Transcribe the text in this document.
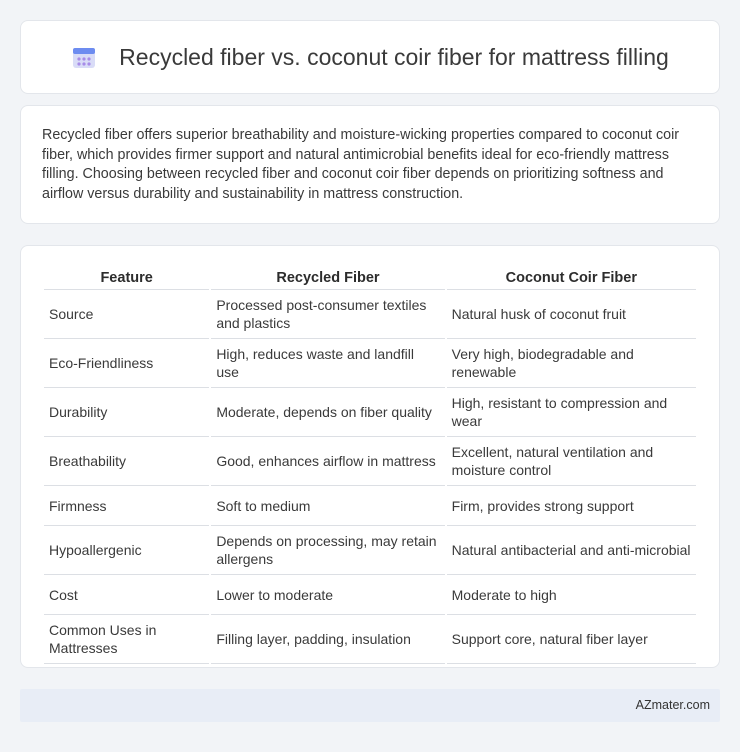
Recycled fiber vs. coconut coir fiber for mattress filling

Recycled fiber offers superior breathability and moisture-wicking properties compared to coconut coir fiber, which provides firmer support and natural antimicrobial benefits ideal for eco-friendly mattress filling. Choosing between recycled fiber and coconut coir fiber depends on prioritizing softness and airflow versus durability and sustainability in mattress construction.

Feature	Recycled Fiber	Coconut Coir Fiber
Source	Processed post-consumer textiles and plastics	Natural husk of coconut fruit
Eco-Friendliness	High, reduces waste and landfill use	Very high, biodegradable and renewable
Durability	Moderate, depends on fiber quality	High, resistant to compression and wear
Breathability	Good, enhances airflow in mattress	Excellent, natural ventilation and moisture control
Firmness	Soft to medium	Firm, provides strong support
Hypoallergenic	Depends on processing, may retain allergens	Natural antibacterial and anti-microbial
Cost	Lower to moderate	Moderate to high
Common Uses in Mattresses	Filling layer, padding, insulation	Support core, natural fiber layer
AZmater.com
